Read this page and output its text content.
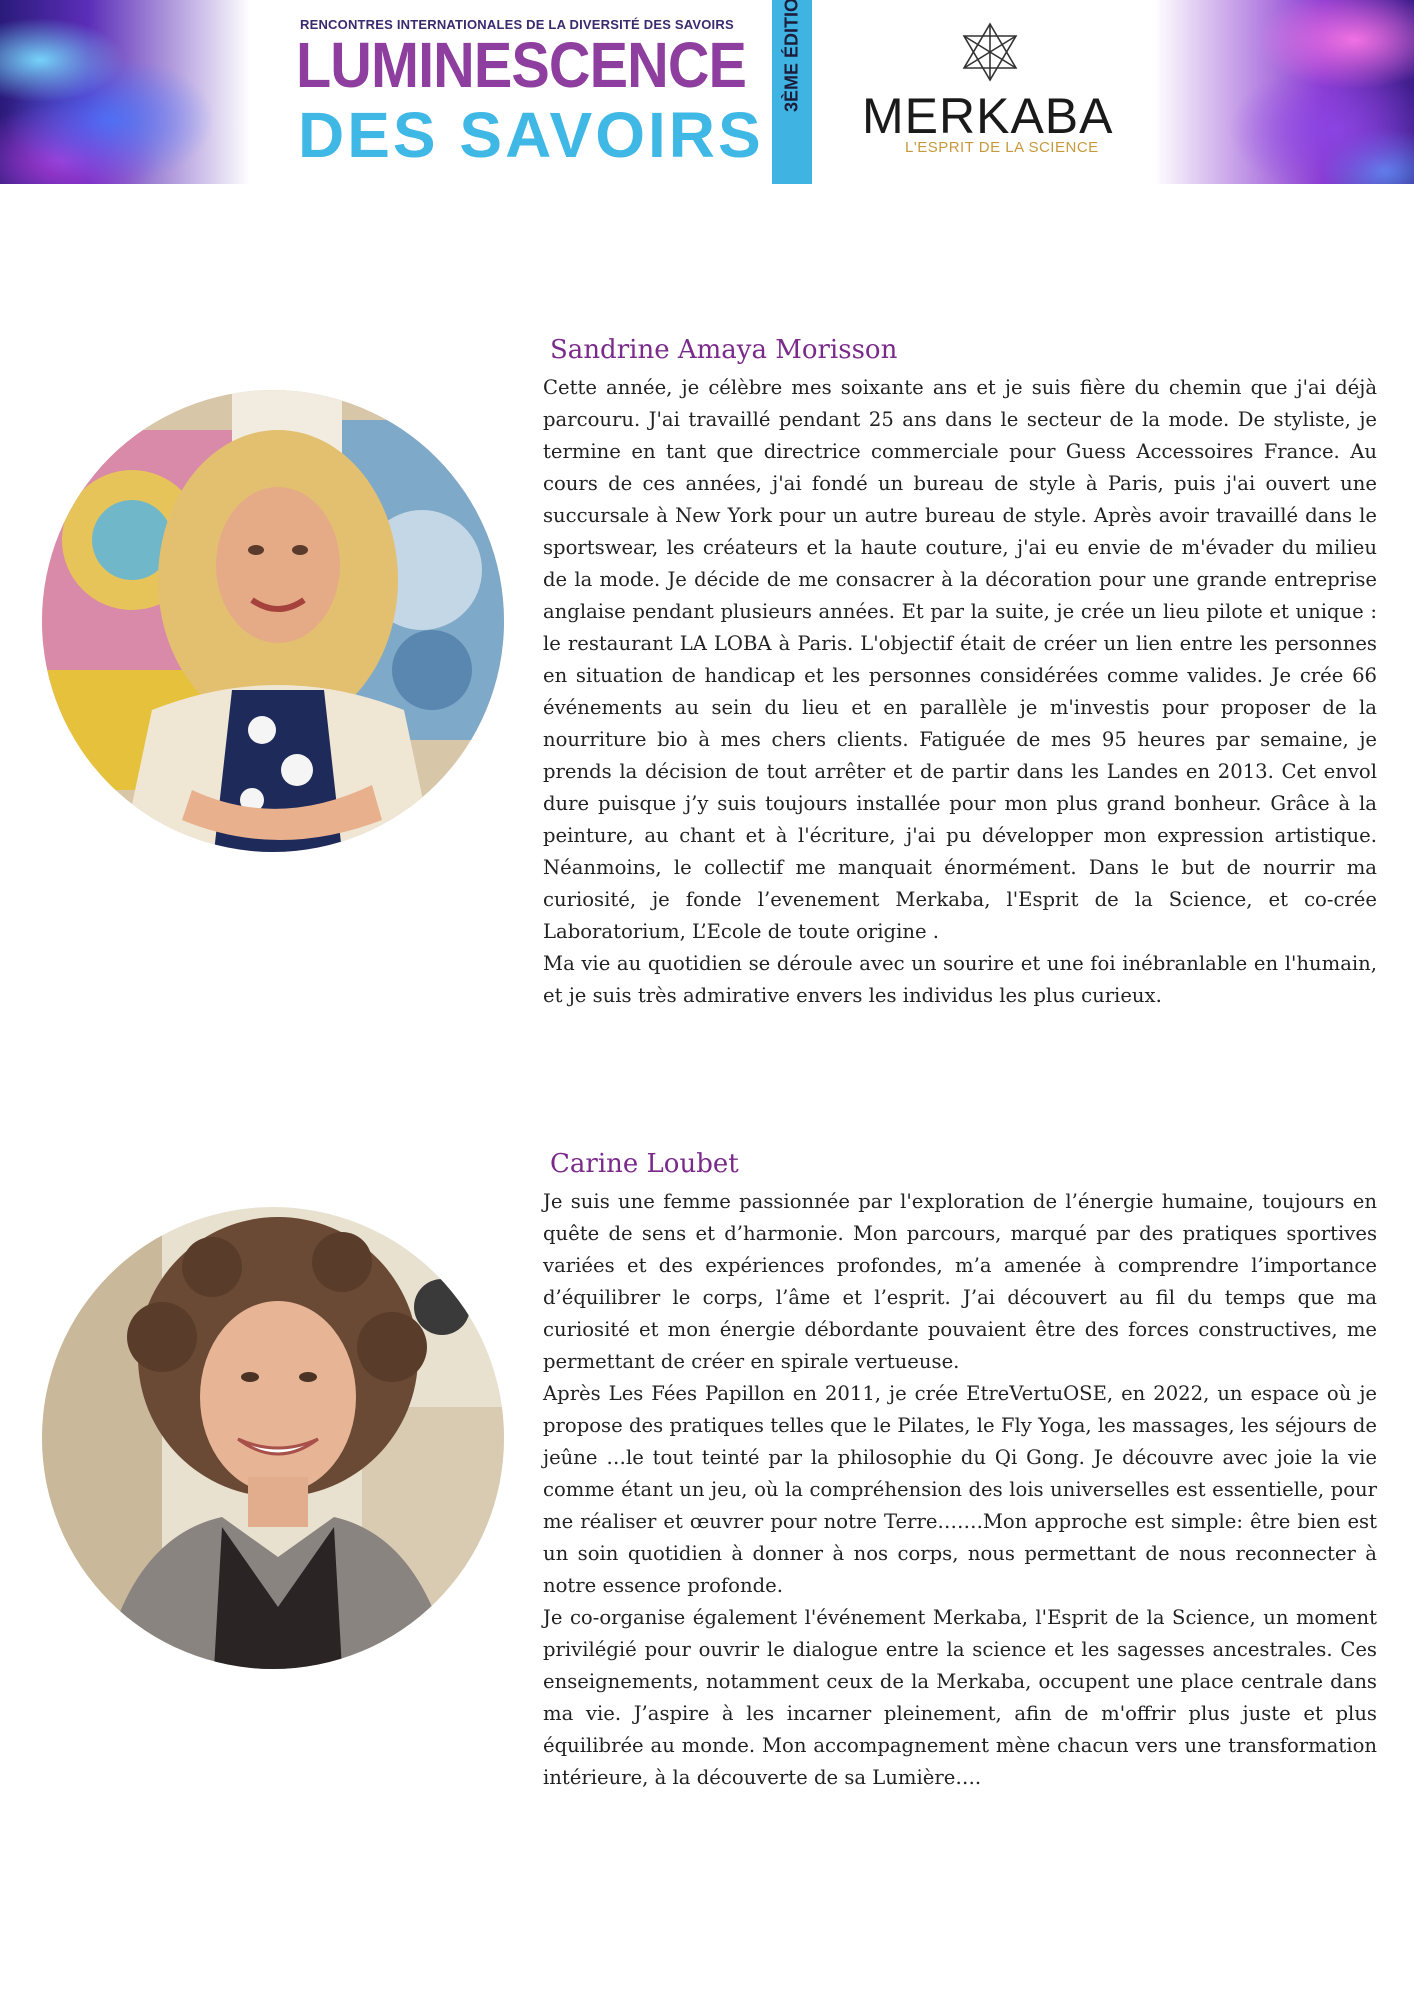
RENCONTRES INTERNATIONALES DE LA DIVERSITÉ DES SAVOIRS
LUMINESCENCE
DES SAVOIRS MERKABA
L'ESPRIT DE LA SCIENCE
Sandrine Amaya Morisson

Cette année, je célèbre mes soixante ans et je suis fière du chemin que j'ai déjà parcouru. J'ai travaillé pendant 25 ans dans le secteur de la mode. De styliste, je termine en tant que directrice commerciale pour Guess Accessoires France. Au cours de ces années, j'ai fondé un bureau de style à Paris, puis j'ai ouvert une succursale à New York pour un autre bureau de style. Après avoir travaillé dans le sportswear, les créateurs et la haute couture, j'ai eu envie de m'évader du milieu de la mode. Je décide de me consacrer à la décoration pour une grande entreprise anglaise pendant plusieurs années. Et par la suite, je crée un lieu pilote et unique : le restaurant LA LOBA à Paris. L'objectif était de créer un lien entre les personnes en situation de handicap et les personnes considérées comme valides. Je crée 66 événements au sein du lieu et en parallèle je m'investis pour proposer de la nourriture bio à mes chers clients. Fatiguée de mes 95 heures par semaine, je prends la décision de tout arrêter et de partir dans les Landes en 2013. Cet envol dure puisque j’y suis toujours installée pour mon plus grand bonheur. Grâce à la peinture, au chant et à l'écriture, j'ai pu développer mon expression artistique. Néanmoins, le collectif me manquait énormément. Dans le but de nourrir ma curiosité, je fonde l’evenement Merkaba, l'Esprit de la Science, et co-crée Laboratorium, L’Ecole de toute origine .

Ma vie au quotidien se déroule avec un sourire et une foi inébranlable en l'humain, et je suis très admirative envers les individus les plus curieux.

Carine Loubet

Je suis une femme passionnée par l'exploration de l’énergie humaine, toujours en quête de sens et d’harmonie. Mon parcours, marqué par des pratiques sportives variées et des expériences profondes, m’a amenée à comprendre l’importance d’équilibrer le corps, l’âme et l’esprit. J’ai découvert au fil du temps que ma curiosité et mon énergie débordante pouvaient être des forces constructives, me permettant de créer en spirale vertueuse.

Après Les Fées Papillon en 2011, je crée EtreVertuOSE, en 2022, un espace où je propose des pratiques telles que le Pilates, le Fly Yoga, les massages, les séjours de jeûne …le tout teinté par la philosophie du Qi Gong. Je découvre avec joie la vie comme étant un jeu, où la compréhension des lois universelles est essentielle, pour me réaliser et œuvrer pour notre Terre…….Mon approche est simple: être bien est un soin quotidien à donner à nos corps, nous permettant de nous reconnecter à notre essence profonde.

Je co-organise également l'événement Merkaba, l'Esprit de la Science, un moment privilégié pour ouvrir le dialogue entre la science et les sagesses ancestrales. Ces enseignements, notamment ceux de la Merkaba, occupent une place centrale dans ma vie. J’aspire à les incarner pleinement, afin de m'offrir plus juste et plus équilibrée au monde. Mon accompagnement mène chacun vers une transformation intérieure, à la découverte de sa Lumière….
